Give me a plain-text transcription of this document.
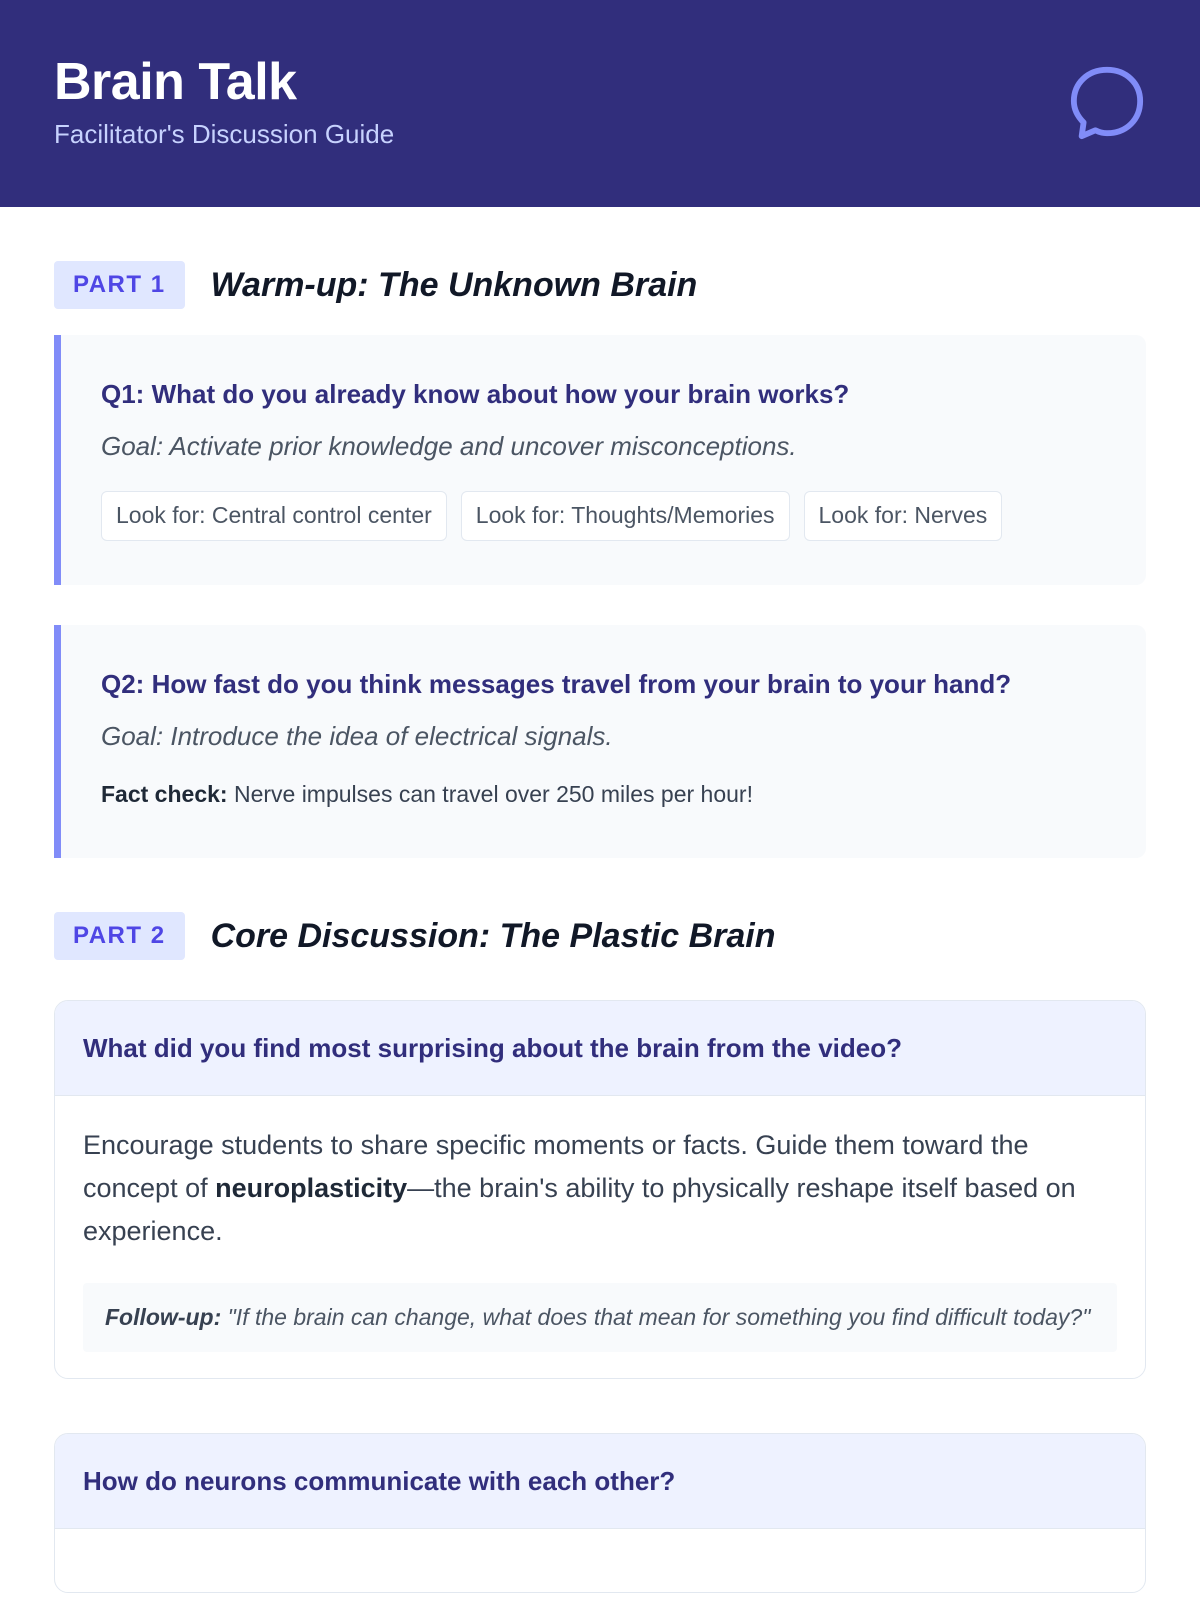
Brain Talk
Facilitator's Discussion Guide
PART 1	Warm-up: The Unknown Brain
Q1: What do you already know about how your brain works?
Goal: Activate prior knowledge and uncover misconceptions.
Look for: Central control center	Look for: Thoughts/Memories	Look for: Nerves
Q2: How fast do you think messages travel from your brain to your hand?
Goal: Introduce the idea of electrical signals.
Fact check: Nerve impulses can travel over 250 miles per hour!
PART 2	Core Discussion: The Plastic Brain
What did you find most surprising about the brain from the video?
Encourage students to share specific moments or facts. Guide them toward the concept of neuroplasticity—the brain's ability to physically reshape itself based on experience.
Follow-up: "If the brain can change, what does that mean for something you find difficult today?"
How do neurons communicate with each other?
